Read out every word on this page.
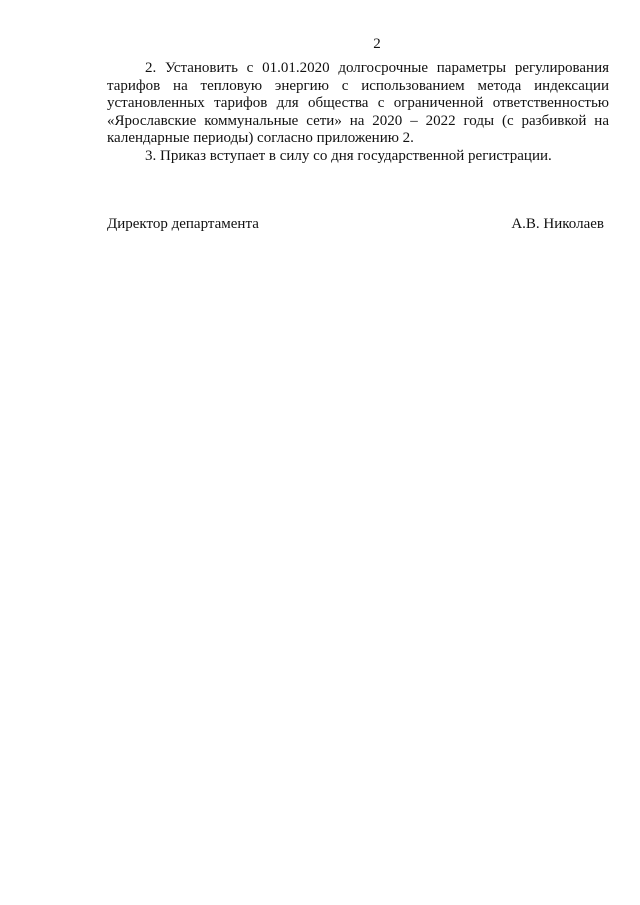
2

2. Установить с 01.01.2020 долгосрочные параметры регулирования тарифов на тепловую энергию с использованием метода индексации установленных тарифов для общества с ограниченной ответственностью «Ярославские коммунальные сети» на 2020 – 2022 годы (с разбивкой на календарные периоды) согласно приложению 2.

3. Приказ вступает в силу со дня государственной регистрации.

Директор департамента	А.В. Николаев
